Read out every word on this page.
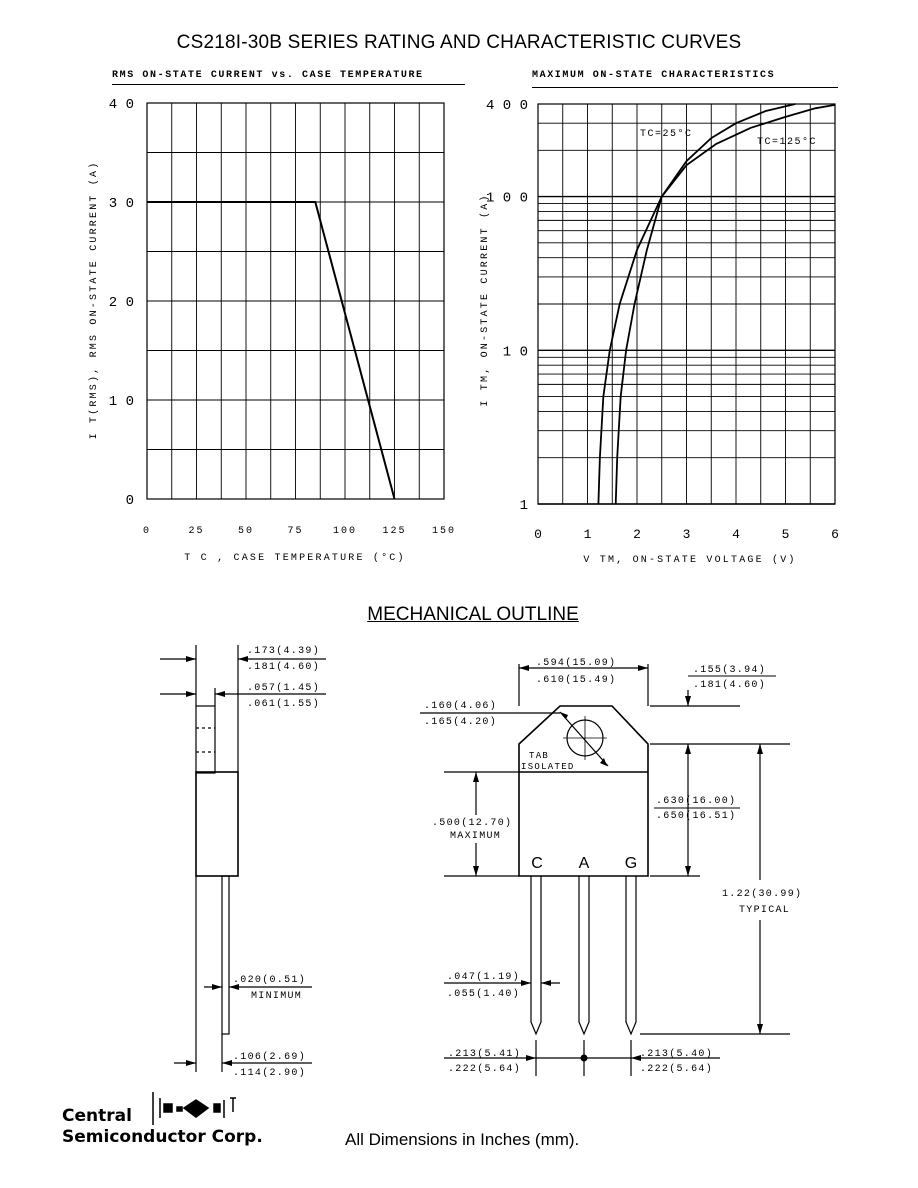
CS218I-30B SERIES RATING AND CHARACTERISTIC CURVES
RMS ON-STATE CURRENT vs. CASE TEMPERATURE	MAXIMUM ON-STATE CHARACTERISTICS
0	25	50	75	100	125	150
0
1 0
2 0
3 0
4 0
T C , CASE TEMPERATURE (°C)
I T(RMS), RMS ON-STATE CURRENT (A)
0	1	2	3	4	5	6
1
1 0
1 0 0
4 0 0
TC=25°C
TC=125°C
V TM, ON-STATE VOLTAGE (V)
I TM, ON-STATE CURRENT (A)
MECHANICAL OUTLINE
.173(4.39)
.181(4.60)
.057(1.45)
.061(1.55)
.020(0.51)
MINIMUM
.106(2.69)
.114(2.90)
.594(15.09)
.610(15.49)
.155(3.94)
.181(4.60)
.160(4.06)
.165(4.20)
TAB
ISOLATED
.500(12.70)
MAXIMUM
.630(16.00)
.650(16.51)
1.22(30.99)
TYPICAL
.047(1.19)
.055(1.40)
.213(5.41)
.222(5.64)
.213(5.40)
.222(5.64)
C A G
Central
Semiconductor Corp.	All Dimensions in Inches (mm).
